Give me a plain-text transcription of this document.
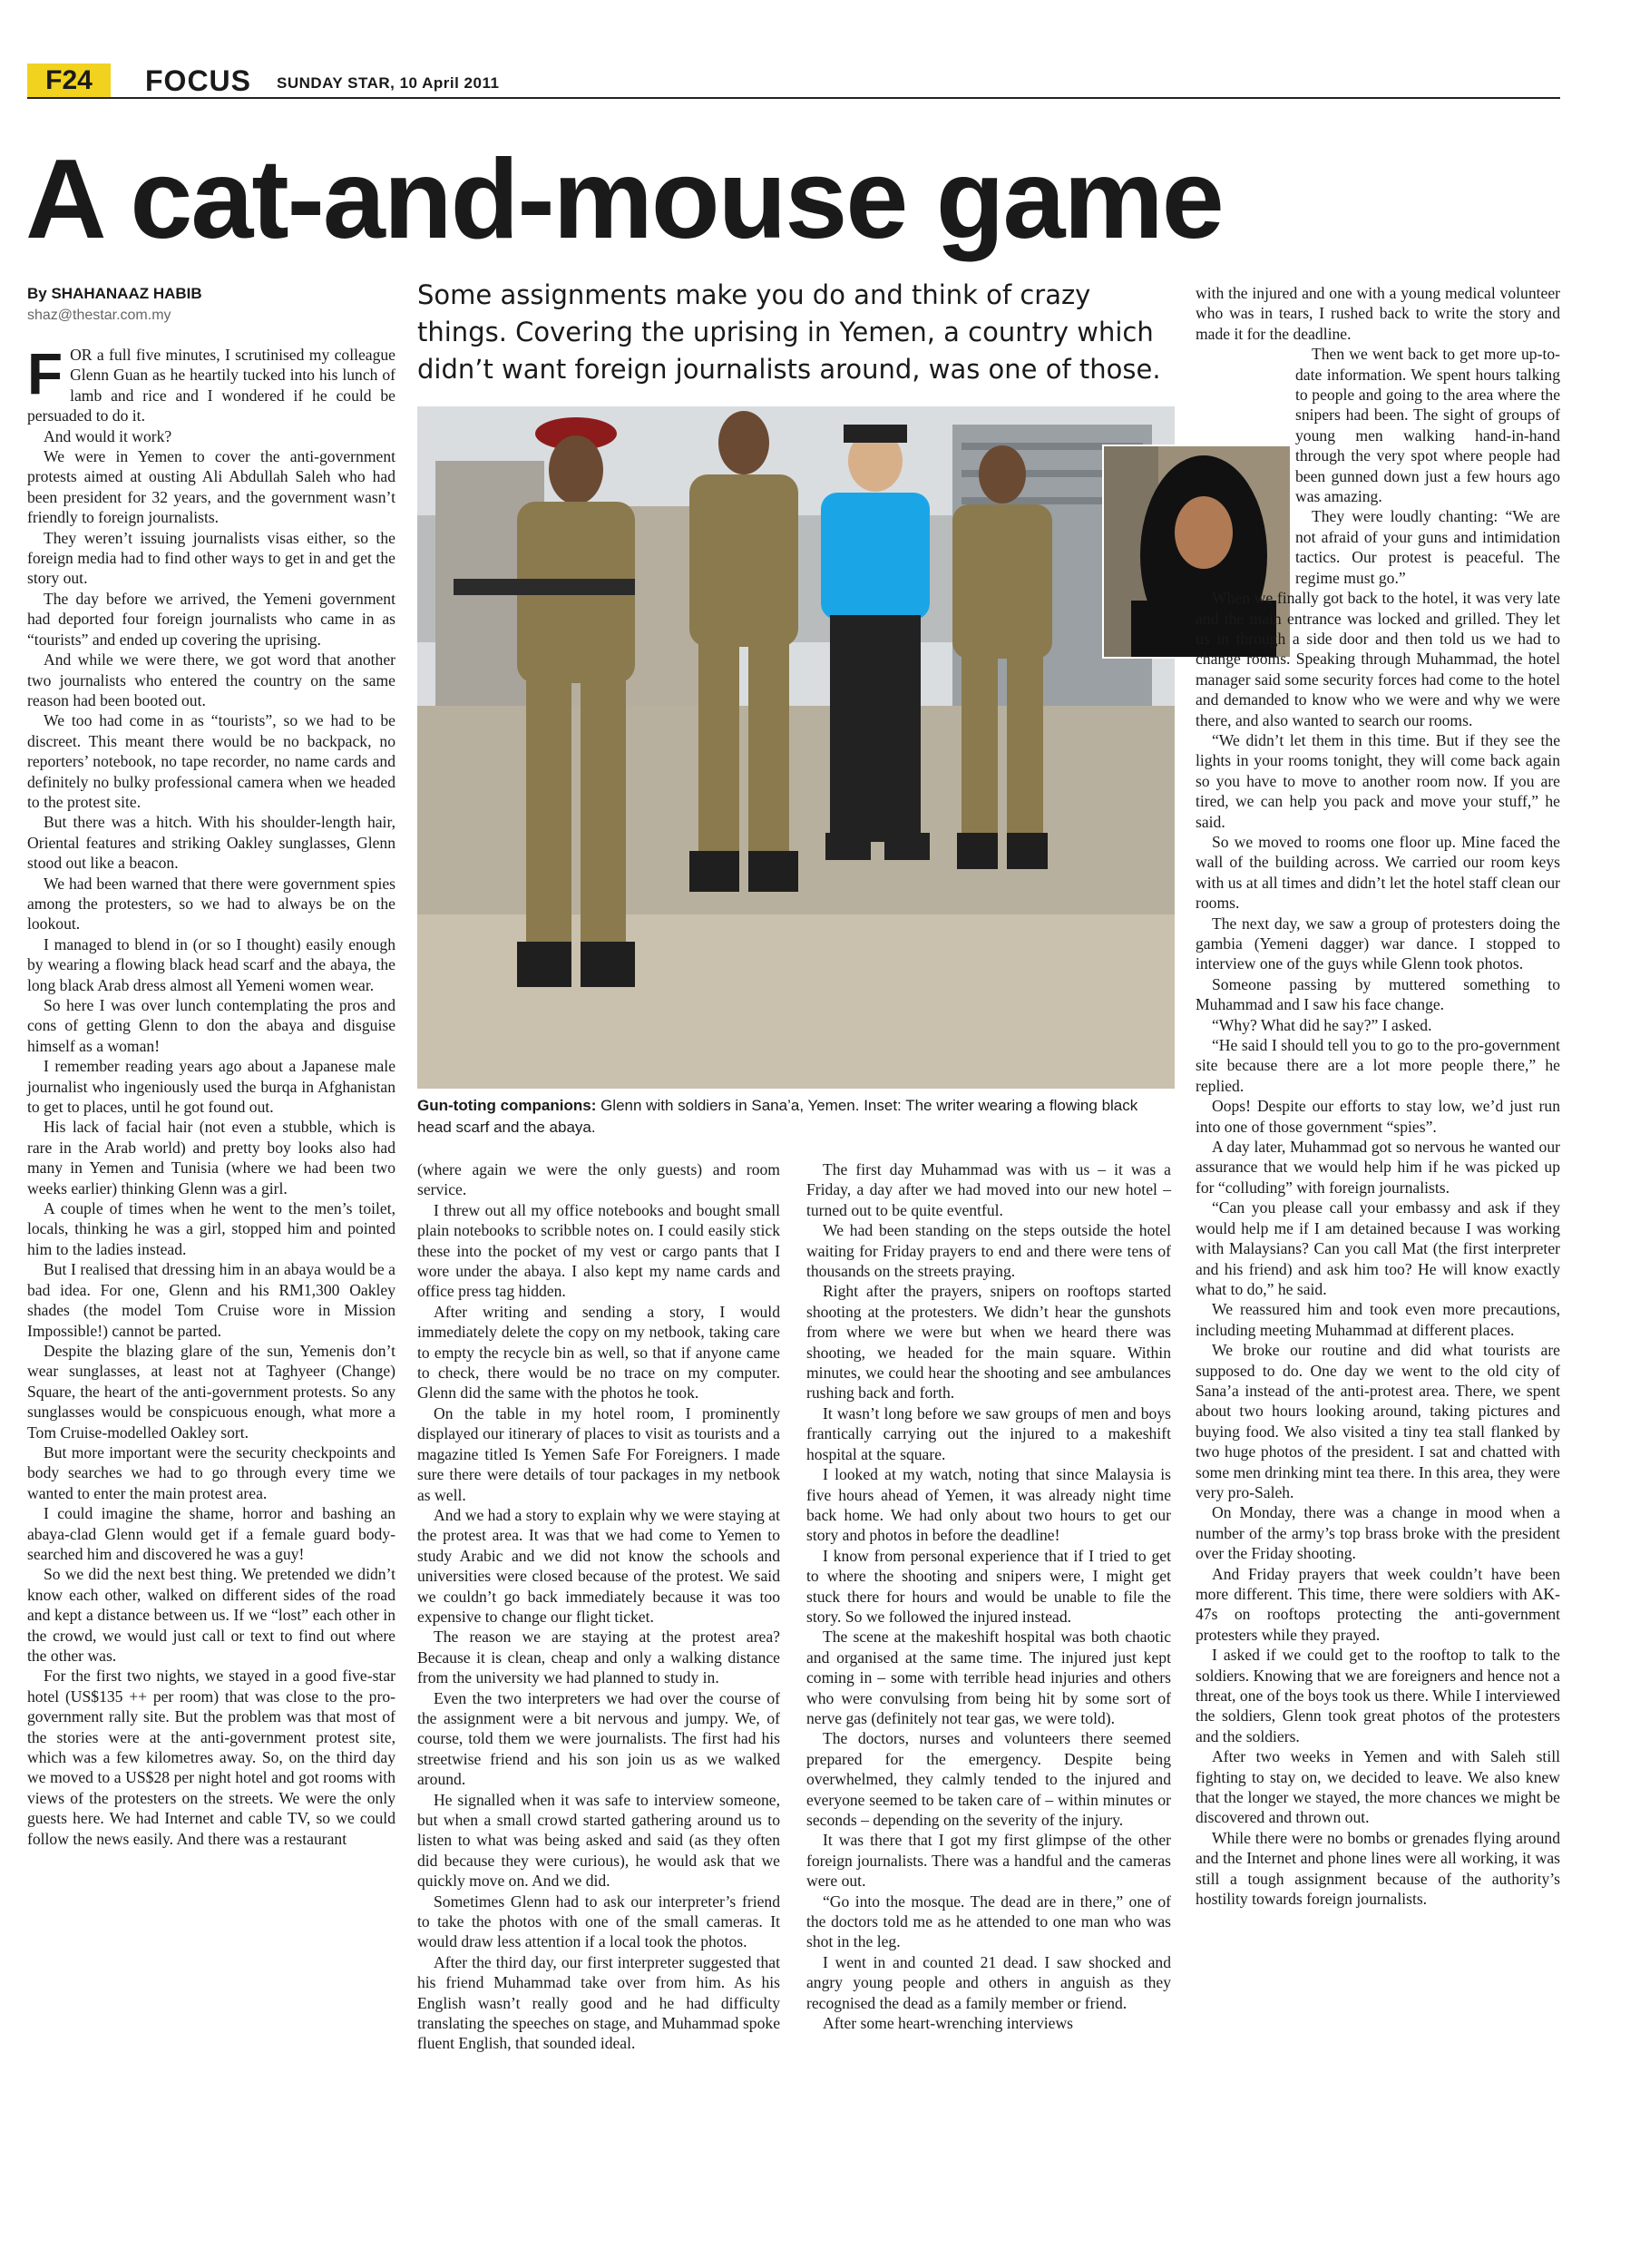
F24	FOCUS SUNDAY STAR, 10 April 2011
A cat-and-mouse game
By SHAHANAAZ HABIB
shaz@thestar.com.my
Some assignments make you do and think of crazy things. Covering the uprising in Yemen, a country which didn’t want foreign journalists around, was one of those.

FOR a full five minutes, I scrutinised my colleague Glenn Guan as he heartily tucked into his lunch of lamb and rice and I wondered if he could be persuaded to do it.

And would it work?

We were in Yemen to cover the anti-government protests aimed at ousting Ali Abdullah Saleh who had been president for 32 years, and the government wasn’t friendly to foreign journalists.

They weren’t issuing journalists visas either, so the foreign media had to find other ways to get in and get the story out.

The day before we arrived, the Yemeni government had deported four foreign journalists who came in as “tourists” and ended up covering the uprising.

And while we were there, we got word that another two journalists who entered the country on the same reason had been booted out.

We too had come in as “tourists”, so we had to be discreet. This meant there would be no backpack, no reporters’ notebook, no tape recorder, no name cards and definitely no bulky professional camera when we headed to the protest site.

But there was a hitch. With his shoulder-length hair, Oriental features and striking Oakley sunglasses, Glenn stood out like a beacon.

We had been warned that there were government spies among the protesters, so we had to always be on the lookout.

I managed to blend in (or so I thought) easily enough by wearing a flowing black head scarf and the abaya, the long black Arab dress almost all Yemeni women wear.

So here I was over lunch contemplating the pros and cons of getting Glenn to don the abaya and disguise himself as a woman!

I remember reading years ago about a Japanese male journalist who ingeniously used the burqa in Afghanistan to get to places, until he got found out.

His lack of facial hair (not even a stubble, which is rare in the Arab world) and pretty boy looks also had many in Yemen and Tunisia (where we had been two weeks earlier) thinking Glenn was a girl.

A couple of times when he went to the men’s toilet, locals, thinking he was a girl, stopped him and pointed him to the ladies instead.

But I realised that dressing him in an abaya would be a bad idea. For one, Glenn and his RM1,300 Oakley shades (the model Tom Cruise wore in Mission Impossible!) cannot be parted.

Despite the blazing glare of the sun, Yemenis don’t wear sunglasses, at least not at Taghyeer (Change) Square, the heart of the anti-government protests. So any sunglasses would be conspicuous enough, what more a Tom Cruise-modelled Oakley sort.

But more important were the security checkpoints and body searches we had to go through every time we wanted to enter the main protest area.

I could imagine the shame, horror and bashing an abaya-clad Glenn would get if a female guard body-searched him and discovered he was a guy!

So we did the next best thing. We pretended we didn’t know each other, walked on different sides of the road and kept a distance between us. If we “lost” each other in the crowd, we would just call or text to find out where the other was.

For the first two nights, we stayed in a good five-star hotel (US$135 ++ per room) that was close to the pro-government rally site. But the problem was that most of the stories were at the anti-government protest site, which was a few kilometres away. So, on the third day we moved to a US$28 per night hotel and got rooms with views of the protesters on the streets. We were the only guests here. We had Internet and cable TV, so we could follow the news easily. And there was a restaurant

Gun-toting companions: Glenn with soldiers in Sana’a, Yemen. Inset: The writer wearing a flowing black head scarf and the abaya.

(where again we were the only guests) and room service.

I threw out all my office notebooks and bought small plain notebooks to scribble notes on. I could easily stick these into the pocket of my vest or cargo pants that I wore under the abaya. I also kept my name cards and office press tag hidden.

After writing and sending a story, I would immediately delete the copy on my netbook, taking care to empty the recycle bin as well, so that if anyone came to check, there would be no trace on my computer. Glenn did the same with the photos he took.

On the table in my hotel room, I prominently displayed our itinerary of places to visit as tourists and a magazine titled Is Yemen Safe For Foreigners. I made sure there were details of tour packages in my netbook as well.

And we had a story to explain why we were staying at the protest area. It was that we had come to Yemen to study Arabic and we did not know the schools and universities were closed because of the protest. We said we couldn’t go back immediately because it was too expensive to change our flight ticket.

The reason we are staying at the protest area? Because it is clean, cheap and only a walking distance from the university we had planned to study in.

Even the two interpreters we had over the course of the assignment were a bit nervous and jumpy. We, of course, told them we were journalists. The first had his streetwise friend and his son join us as we walked around.

He signalled when it was safe to interview someone, but when a small crowd started gathering around us to listen to what was being asked and said (as they often did because they were curious), he would ask that we quickly move on. And we did.

Sometimes Glenn had to ask our interpreter’s friend to take the photos with one of the small cameras. It would draw less attention if a local took the photos.

After the third day, our first interpreter suggested that his friend Muhammad take over from him. As his English wasn’t really good and he had difficulty translating the speeches on stage, and Muhammad spoke fluent English, that sounded ideal.

The first day Muhammad was with us – it was a Friday, a day after we had moved into our new hotel – turned out to be quite eventful.

We had been standing on the steps outside the hotel waiting for Friday prayers to end and there were tens of thousands on the streets praying.

Right after the prayers, snipers on rooftops started shooting at the protesters. We didn’t hear the gunshots from where we were but when we heard there was shooting, we headed for the main square. Within minutes, we could hear the shooting and see ambulances rushing back and forth.

It wasn’t long before we saw groups of men and boys frantically carrying out the injured to a makeshift hospital at the square.

I looked at my watch, noting that since Malaysia is five hours ahead of Yemen, it was already night time back home. We had only about two hours to get our story and photos in before the deadline!

I know from personal experience that if I tried to get to where the shooting and snipers were, I might get stuck there for hours and would be unable to file the story. So we followed the injured instead.

The scene at the makeshift hospital was both chaotic and organised at the same time. The injured just kept coming in – some with terrible head injuries and others who were convulsing from being hit by some sort of nerve gas (definitely not tear gas, we were told).

The doctors, nurses and volunteers there seemed prepared for the emergency. Despite being overwhelmed, they calmly tended to the injured and everyone seemed to be taken care of – within minutes or seconds – depending on the severity of the injury.

It was there that I got my first glimpse of the other foreign journalists. There was a handful and the cameras were out.

“Go into the mosque. The dead are in there,” one of the doctors told me as he attended to one man who was shot in the leg.

I went in and counted 21 dead. I saw shocked and angry young people and others in anguish as they recognised the dead as a family member or friend.

After some heart-wrenching interviews

with the injured and one with a young medical volunteer who was in tears, I rushed back to write the story and made it for the deadline.

Then we went back to get more up-to-date information. We spent hours talking to people and going to the area where the snipers had been. The sight of groups of young men walking hand-in-hand through the very spot where people had been gunned down just a few hours ago was amazing.

They were loudly chanting: “We are not afraid of your guns and intimidation tactics. Our protest is peaceful. The regime must go.”

When we finally got back to the hotel, it was very late and the main entrance was locked and grilled. They let us in through a side door and then told us we had to change rooms. Speaking through Muhammad, the hotel manager said some security forces had come to the hotel and demanded to know who we were and why we were there, and also wanted to search our rooms.

“We didn’t let them in this time. But if they see the lights in your rooms tonight, they will come back again so you have to move to another room now. If you are tired, we can help you pack and move your stuff,” he said.

So we moved to rooms one floor up. Mine faced the wall of the building across. We carried our room keys with us at all times and didn’t let the hotel staff clean our rooms.

The next day, we saw a group of protesters doing the gambia (Yemeni dagger) war dance. I stopped to interview one of the guys while Glenn took photos.

Someone passing by muttered something to Muhammad and I saw his face change.

“Why? What did he say?” I asked.

“He said I should tell you to go to the pro-government site because there are a lot more people there,” he replied.

Oops! Despite our efforts to stay low, we’d just run into one of those government “spies”.

A day later, Muhammad got so nervous he wanted our assurance that we would help him if he was picked up for “colluding” with foreign journalists.

“Can you please call your embassy and ask if they would help me if I am detained because I was working with Malaysians? Can you call Mat (the first interpreter and his friend) and ask him too? He will know exactly what to do,” he said.

We reassured him and took even more precautions, including meeting Muhammad at different places.

We broke our routine and did what tourists are supposed to do. One day we went to the old city of Sana’a instead of the anti-protest area. There, we spent about two hours looking around, taking pictures and buying food. We also visited a tiny tea stall flanked by two huge photos of the president. I sat and chatted with some men drinking mint tea there. In this area, they were very pro-Saleh.

On Monday, there was a change in mood when a number of the army’s top brass broke with the president over the Friday shooting.

And Friday prayers that week couldn’t have been more different. This time, there were soldiers with AK-47s on rooftops protecting the anti-government protesters while they prayed.

I asked if we could get to the rooftop to talk to the soldiers. Knowing that we are foreigners and hence not a threat, one of the boys took us there. While I interviewed the soldiers, Glenn took great photos of the protesters and the soldiers.

After two weeks in Yemen and with Saleh still fighting to stay on, we decided to leave. We also knew that the longer we stayed, the more chances we might be discovered and thrown out.

While there were no bombs or grenades flying around and the Internet and phone lines were all working, it was still a tough assignment because of the authority’s hostility towards foreign journalists.
